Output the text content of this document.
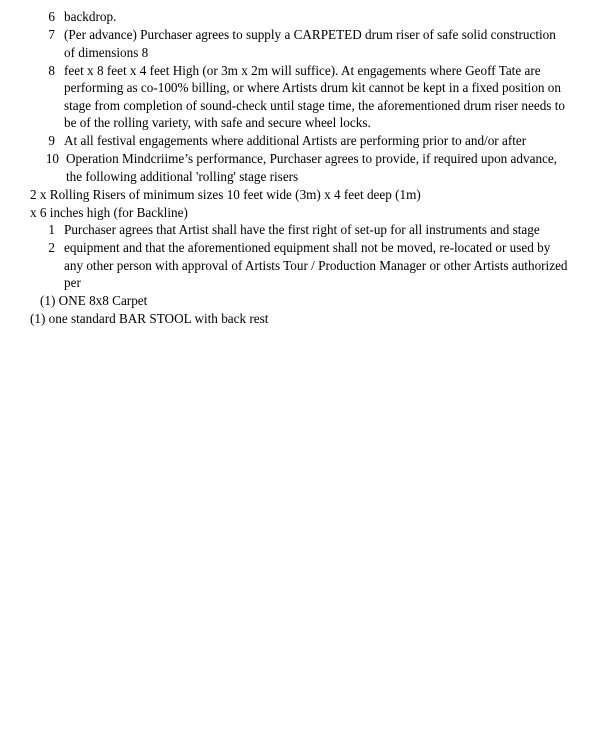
6 backdrop.
7 (Per advance) Purchaser agrees to supply a CARPETED drum riser of safe solid construction of dimensions 8
8 feet x 8 feet x 4 feet High (or 3m x 2m will suffice). At engagements where Geoff Tate are performing as co-100% billing, or where Artists drum kit cannot be kept in a fixed position on stage from completion of sound-check until stage time, the aforementioned drum riser needs to be of the rolling variety, with safe and secure wheel locks.
9 At all festival engagements where additional Artists are performing prior to and/or after
10 Operation Mindcriime’s performance, Purchaser agrees to provide, if required upon advance, the following additional 'rolling' stage risers

2 x Rolling Risers of minimum sizes 10 feet wide (3m) x 4 feet deep (1m)

x 6 inches high (for Backline)

1 Purchaser agrees that Artist shall have the first right of set-up for all instruments and stage
2 equipment and that the aforementioned equipment shall not be moved, re-located or used by any other person with approval of Artists Tour / Production Manager or other Artists authorized per

(1) ONE 8x8 Carpet

(1) one standard BAR STOOL with back rest
